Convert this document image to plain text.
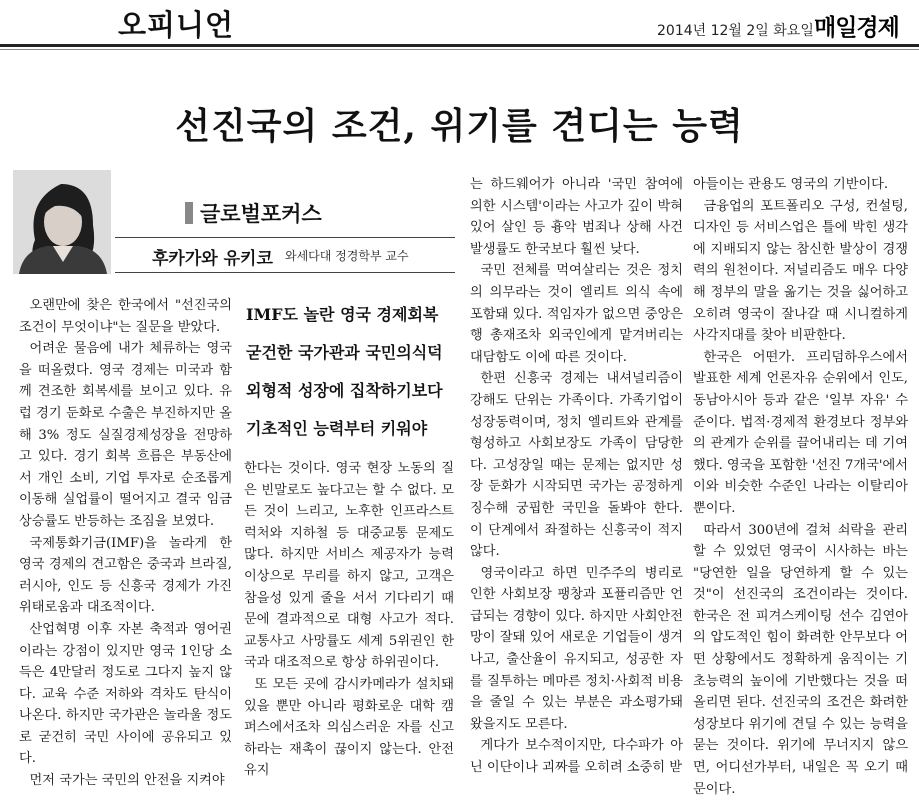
오피니언	2014년 12월 2일 화요일 매일경제
선진국의 조건, 위기를 견디는 능력
글로벌포커스
후카가와 유키코 와세다대 정경학부 교수
IMF도 놀란 영국 경제회복
굳건한 국가관과 국민의식덕
외형적 성장에 집착하기보다
기초적인 능력부터 키워야

오랜만에 찾은 한국에서 "선진국의 조건이 무엇이냐"는 질문을 받았다.

어려운 물음에 내가 체류하는 영국을 떠올렸다. 영국 경제는 미국과 함께 견조한 회복세를 보이고 있다. 유럽 경기 둔화로 수출은 부진하지만 올해 3% 정도 실질경제성장을 전망하고 있다. 경기 회복 흐름은 부동산에서 개인 소비, 기업 투자로 순조롭게 이동해 실업률이 떨어지고 결국 임금상승률도 반등하는 조짐을 보였다.

국제통화기금(IMF)을 놀라게 한 영국 경제의 견고함은 중국과 브라질, 러시아, 인도 등 신흥국 경제가 가진 위태로움과 대조적이다.

산업혁명 이후 자본 축적과 영어권이라는 강점이 있지만 영국 1인당 소득은 4만달러 정도로 그다지 높지 않다. 교육 수준 저하와 격차도 탄식이 나온다. 하지만 국가관은 놀라울 정도로 굳건히 국민 사이에 공유되고 있다.

먼저 국가는 국민의 안전을 지켜야

한다는 것이다. 영국 현장 노동의 질은 빈말로도 높다고는 할 수 없다. 모든 것이 느리고, 노후한 인프라스트럭처와 지하철 등 대중교통 문제도 많다. 하지만 서비스 제공자가 능력 이상으로 무리를 하지 않고, 고객은 참을성 있게 줄을 서서 기다리기 때문에 결과적으로 대형 사고가 적다. 교통사고 사망률도 세계 5위권인 한국과 대조적으로 항상 하위권이다.

또 모든 곳에 감시카메라가 설치돼 있을 뿐만 아니라 평화로운 대학 캠퍼스에서조차 의심스러운 자를 신고하라는 재촉이 끊이지 않는다. 안전 유지

는 하드웨어가 아니라 '국민 참여에 의한 시스템'이라는 사고가 깊이 박혀 있어 살인 등 흉악 범죄나 상해 사건 발생률도 한국보다 훨씬 낮다.

국민 전체를 먹여살리는 것은 정치의 의무라는 것이 엘리트 의식 속에 포함돼 있다. 적임자가 없으면 중앙은행 총재조차 외국인에게 맡겨버리는 대담함도 이에 따른 것이다.

한편 신흥국 경제는 내셔널리즘이 강해도 단위는 가족이다. 가족기업이 성장동력이며, 정치 엘리트와 관계를 형성하고 사회보장도 가족이 담당한다. 고성장일 때는 문제는 없지만 성장 둔화가 시작되면 국가는 공정하게 징수해 궁핍한 국민을 돌봐야 한다. 이 단계에서 좌절하는 신흥국이 적지 않다.

영국이라고 하면 민주주의 병리로 인한 사회보장 팽창과 포퓰리즘만 언급되는 경향이 있다. 하지만 사회안전망이 잘돼 있어 새로운 기업들이 생겨나고, 출산율이 유지되고, 성공한 자를 질투하는 메마른 정치·사회적 비용을 줄일 수 있는 부분은 과소평가돼 왔을지도 모른다.

게다가 보수적이지만, 다수파가 아닌 이단이나 괴짜를 오히려 소중히 받

아들이는 관용도 영국의 기반이다.

금융업의 포트폴리오 구성, 컨설팅, 디자인 등 서비스업은 틀에 박힌 생각에 지배되지 않는 참신한 발상이 경쟁력의 원천이다. 저널리즘도 매우 다양해 정부의 말을 옮기는 것을 싫어하고 오히려 영국이 잘나갈 때 시니컬하게 사각지대를 찾아 비판한다.

한국은 어떤가. 프리덤하우스에서 발표한 세계 언론자유 순위에서 인도, 동남아시아 등과 같은 '일부 자유' 수준이다. 법적·경제적 환경보다 정부와의 관계가 순위를 끌어내리는 데 기여했다. 영국을 포함한 '선진 7개국'에서 이와 비슷한 수준인 나라는 이탈리아뿐이다.

따라서 300년에 걸쳐 쇠락을 관리할 수 있었던 영국이 시사하는 바는 "당연한 일을 당연하게 할 수 있는 것"이 선진국의 조건이라는 것이다. 한국은 전 피겨스케이팅 선수 김연아의 압도적인 힘이 화려한 안무보다 어떤 상황에서도 정확하게 움직이는 기초능력의 높이에 기반했다는 것을 떠올리면 된다. 선진국의 조건은 화려한 성장보다 위기에 견딜 수 있는 능력을 묻는 것이다. 위기에 무너지지 않으면, 어디선가부터, 내일은 꼭 오기 때문이다.
